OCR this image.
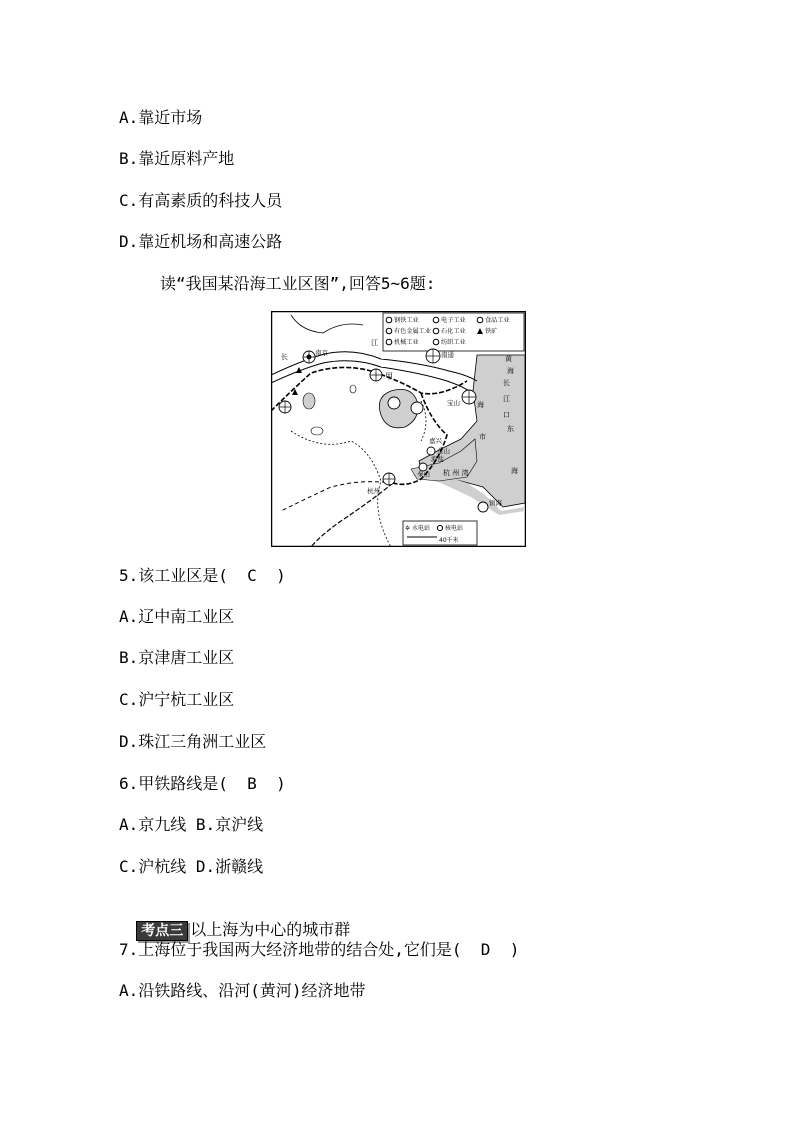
A.靠近市场
B.靠近原料产地
C.有高素质的科技人员
D.靠近机场和高速公路
读“我国某沿海工业区图”,回答5~6题:
钢铁工业	电子工业	食品工业
有色金属工业 石化工业	铁矿
机械工业	纺织工业
✲ 水电站 核电站
40千米
南京	南通
甲
宝山 海
金山
嘉兴
海盐
秦山
杭州
杭 州 湾
镇海
长
江
黄
海
长
江
口
东
市
海
5.该工业区是(  C  )
A.辽中南工业区
B.京津唐工业区
C.沪宁杭工业区
D.珠江三角洲工业区
6.甲铁路线是(  B  )
A.京九线 B.京沪线
C.沪杭线 D.浙赣线

考点三 以上海为中心的城市群

7.上海位于我国两大经济地带的结合处,它们是(  D  )
A.沿铁路线、沿河(黄河)经济地带
